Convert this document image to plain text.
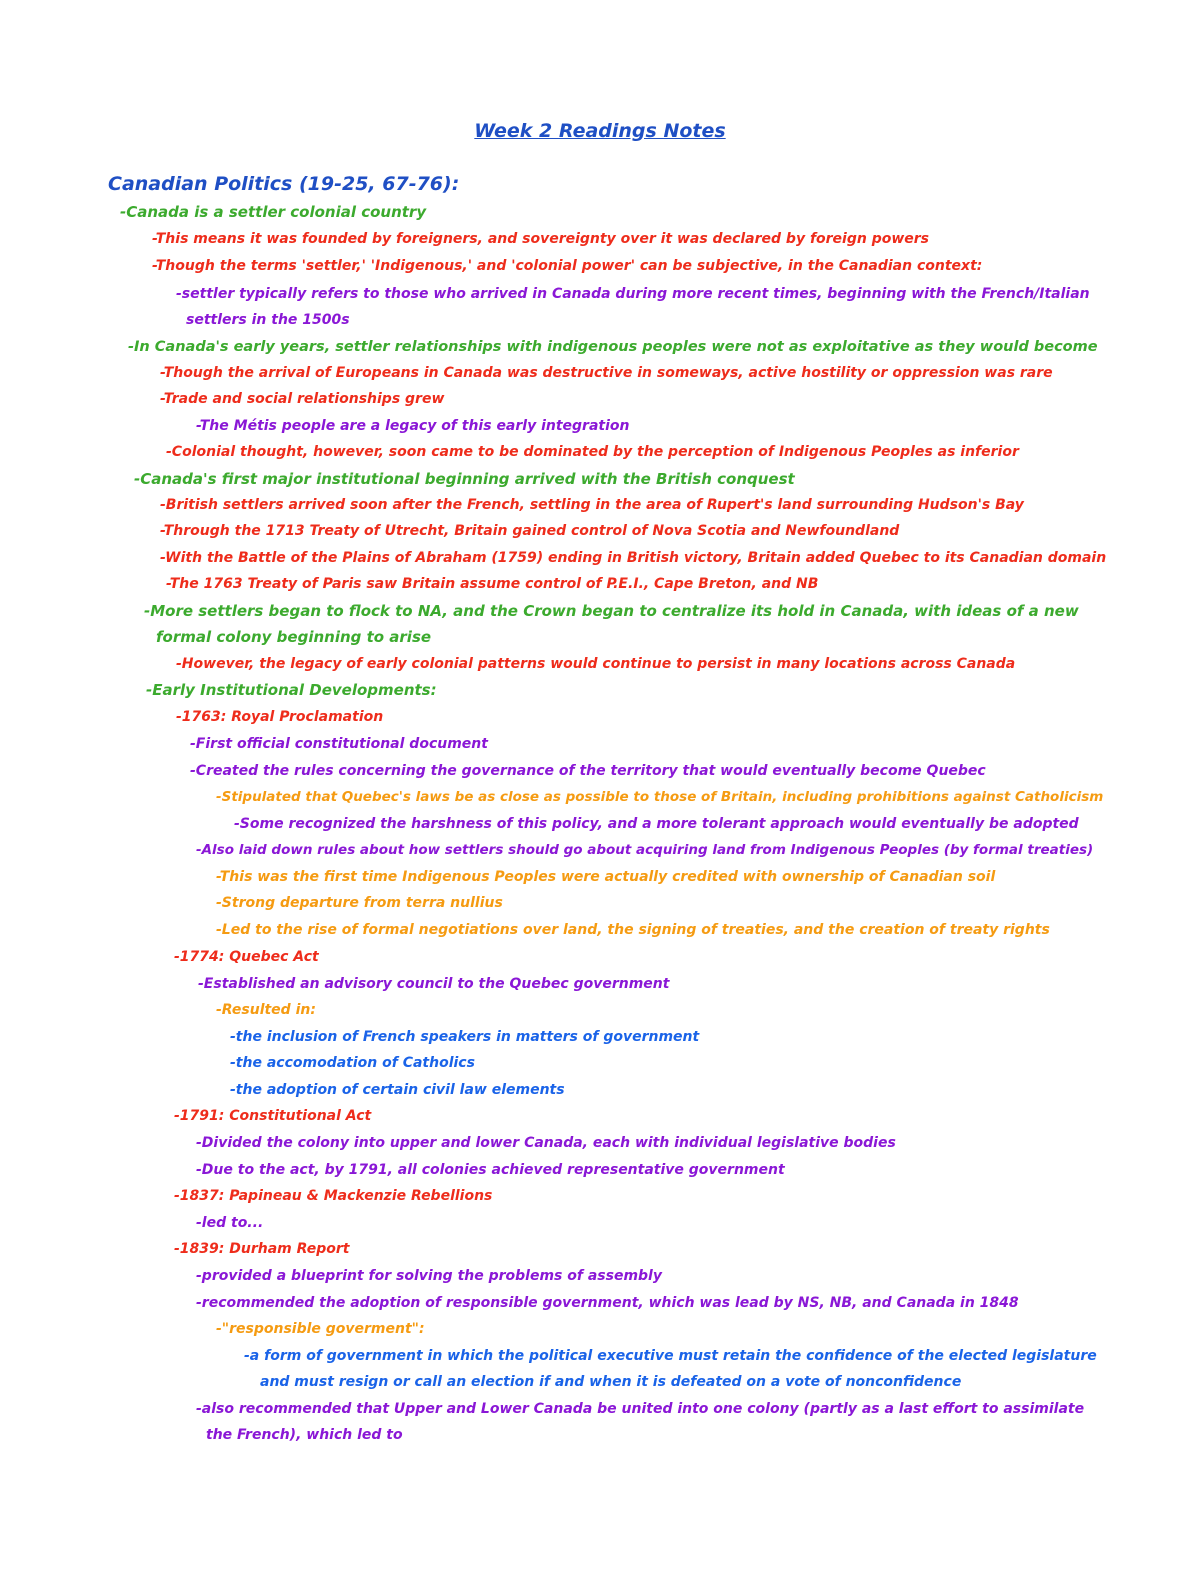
Week 2 Readings Notes
Canadian Politics (19-25, 67-76):
-Canada is a settler colonial country
-This means it was founded by foreigners, and sovereignty over it was declared by foreign powers
-Though the terms 'settler,' 'Indigenous,' and 'colonial power' can be subjective, in the Canadian context:
-settler typically refers to those who arrived in Canada during more recent times, beginning with the French/Italian
settlers in the 1500s
-In Canada's early years, settler relationships with indigenous peoples were not as exploitative as they would become
-Though the arrival of Europeans in Canada was destructive in someways, active hostility or oppression was rare
-Trade and social relationships grew
-The Métis people are a legacy of this early integration
-Colonial thought, however, soon came to be dominated by the perception of Indigenous Peoples as inferior
-Canada's first major institutional beginning arrived with the British conquest
-British settlers arrived soon after the French, settling in the area of Rupert's land surrounding Hudson's Bay
-Through the 1713 Treaty of Utrecht, Britain gained control of Nova Scotia and Newfoundland
-With the Battle of the Plains of Abraham (1759) ending in British victory, Britain added Quebec to its Canadian domain
-The 1763 Treaty of Paris saw Britain assume control of P.E.I., Cape Breton, and NB
-More settlers began to flock to NA, and the Crown began to centralize its hold in Canada, with ideas of a new
formal colony beginning to arise
-However, the legacy of early colonial patterns would continue to persist in many locations across Canada
-Early Institutional Developments:
-1763: Royal Proclamation
-First official constitutional document
-Created the rules concerning the governance of the territory that would eventually become Quebec
-Stipulated that Quebec's laws be as close as possible to those of Britain, including prohibitions against Catholicism
-Some recognized the harshness of this policy, and a more tolerant approach would eventually be adopted
-Also laid down rules about how settlers should go about acquiring land from Indigenous Peoples (by formal treaties)
-This was the first time Indigenous Peoples were actually credited with ownership of Canadian soil
-Strong departure from terra nullius
-Led to the rise of formal negotiations over land, the signing of treaties, and the creation of treaty rights
-1774: Quebec Act
-Established an advisory council to the Quebec government
-Resulted in:
-the inclusion of French speakers in matters of government
-the accomodation of Catholics
-the adoption of certain civil law elements
-1791: Constitutional Act
-Divided the colony into upper and lower Canada, each with individual legislative bodies
-Due to the act, by 1791, all colonies achieved representative government
-1837: Papineau & Mackenzie Rebellions
-led to...
-1839: Durham Report
-provided a blueprint for solving the problems of assembly
-recommended the adoption of responsible government, which was lead by NS, NB, and Canada in 1848
-"responsible goverment":
-a form of government in which the political executive must retain the confidence of the elected legislature
and must resign or call an election if and when it is defeated on a vote of nonconfidence
-also recommended that Upper and Lower Canada be united into one colony (partly as a last effort to assimilate
the French), which led to
